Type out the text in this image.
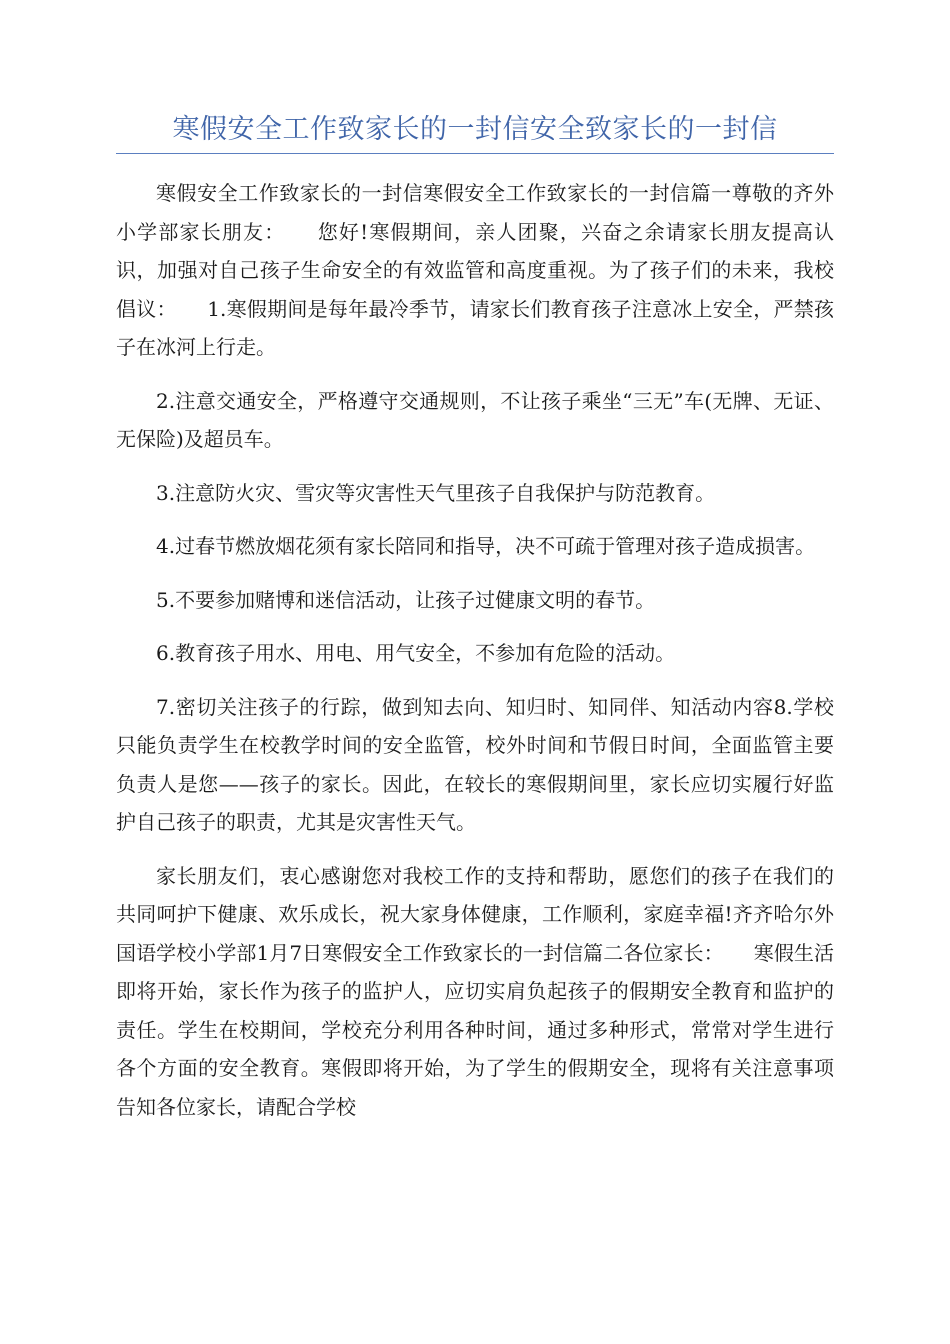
寒假安全工作致家长的一封信安全致家长的一封信

寒假安全工作致家长的一封信寒假安全工作致家长的一封信篇一尊敬的齐外小学部家长朋友：　　您好!寒假期间，亲人团聚，兴奋之余请家长朋友提高认识，加强对自己孩子生命安全的有效监管和高度重视。为了孩子们的未来，我校倡议：　　1.寒假期间是每年最冷季节，请家长们教育孩子注意冰上安全，严禁孩子在冰河上行走。

2.注意交通安全，严格遵守交通规则，不让孩子乘坐“三无”车(无牌、无证、无保险)及超员车。

3.注意防火灾、雪灾等灾害性天气里孩子自我保护与防范教育。

4.过春节燃放烟花须有家长陪同和指导，决不可疏于管理对孩子造成损害。

5.不要参加赌博和迷信活动，让孩子过健康文明的春节。

6.教育孩子用水、用电、用气安全，不参加有危险的活动。

7.密切关注孩子的行踪，做到知去向、知归时、知同伴、知活动内容8.学校只能负责学生在校教学时间的安全监管，校外时间和节假日时间，全面监管主要负责人是您——孩子的家长。因此，在较长的寒假期间里，家长应切实履行好监护自己孩子的职责，尤其是灾害性天气。

家长朋友们，衷心感谢您对我校工作的支持和帮助，愿您们的孩子在我们的共同呵护下健康、欢乐成长，祝大家身体健康，工作顺利，家庭幸福!齐齐哈尔外国语学校小学部1月7日寒假安全工作致家长的一封信篇二各位家长：　　寒假生活即将开始，家长作为孩子的监护人，应切实肩负起孩子的假期安全教育和监护的责任。学生在校期间，学校充分利用各种时间，通过多种形式，常常对学生进行各个方面的安全教育。寒假即将开始，为了学生的假期安全，现将有关注意事项告知各位家长，请配合学校
